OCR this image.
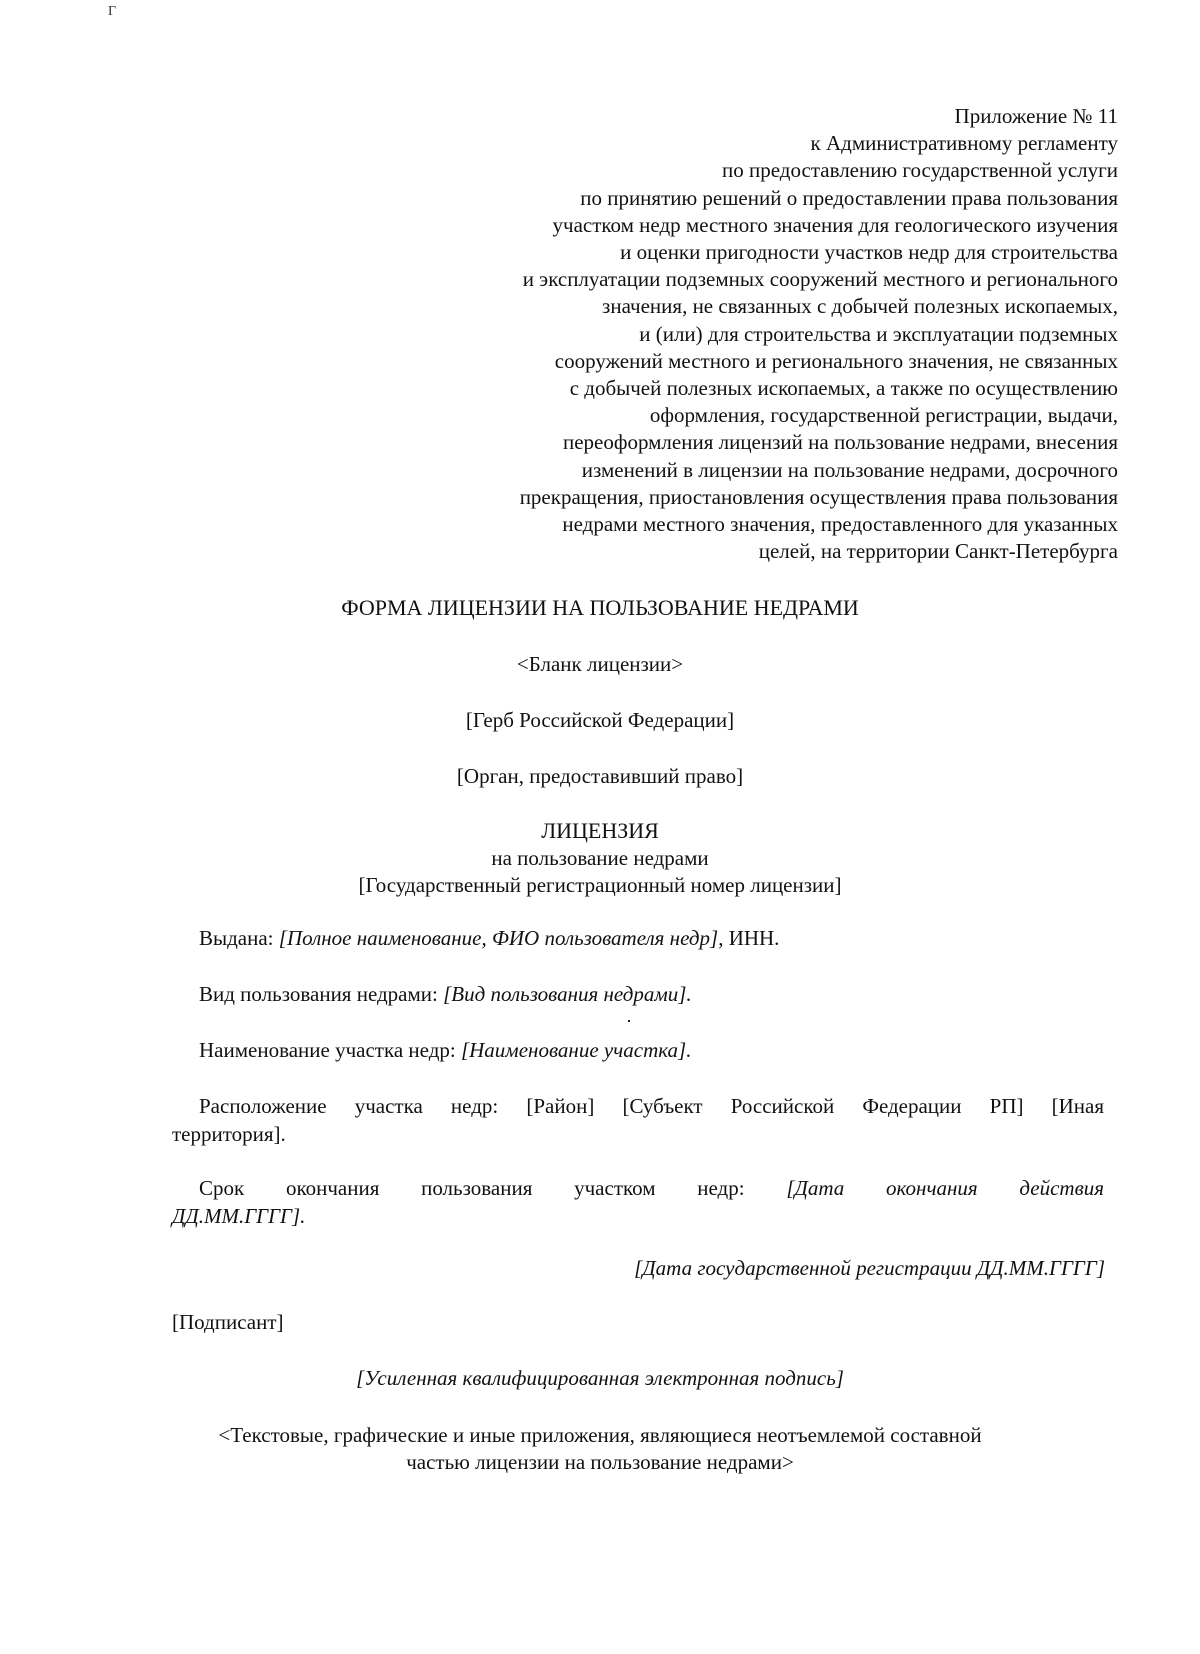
Г
Приложение № 11
к Административному регламенту
по предоставлению государственной услуги
по принятию решений о предоставлении права пользования
участком недр местного значения для геологического изучения
и оценки пригодности участков недр для строительства
и эксплуатации подземных сооружений местного и регионального
значения, не связанных с добычей полезных ископаемых,
и (или) для строительства и эксплуатации подземных
сооружений местного и регионального значения, не связанных
с добычей полезных ископаемых, а также по осуществлению
оформления, государственной регистрации, выдачи,
переоформления лицензий на пользование недрами, внесения
изменений в лицензии на пользование недрами, досрочного
прекращения, приостановления осуществления права пользования
недрами местного значения, предоставленного для указанных
целей, на территории Санкт-Петербурга
ФОРМА ЛИЦЕНЗИИ НА ПОЛЬЗОВАНИЕ НЕДРАМИ
<Бланк лицензии>
[Герб Российской Федерации]
[Орган, предоставивший право]
ЛИЦЕНЗИЯ
на пользование недрами
[Государственный регистрационный номер лицензии]
Выдана: [Полное наименование, ФИО пользователя недр], ИНН.
Вид пользования недрами: [Вид пользования недрами].
Наименование участка недр: [Наименование участка].
Расположение участка недр: [Район] [Субъект Российской Федерации РП] [Иная
территория].
Срок окончания пользования участком недр: [Дата окончания действия
ДД.ММ.ГГГГ].
[Дата государственной регистрации ДД.ММ.ГГГГ]
[Подписант]
[Усиленная квалифицированная электронная подпись]
<Текстовые, графические и иные приложения, являющиеся неотъемлемой составной
частью лицензии на пользование недрами>
